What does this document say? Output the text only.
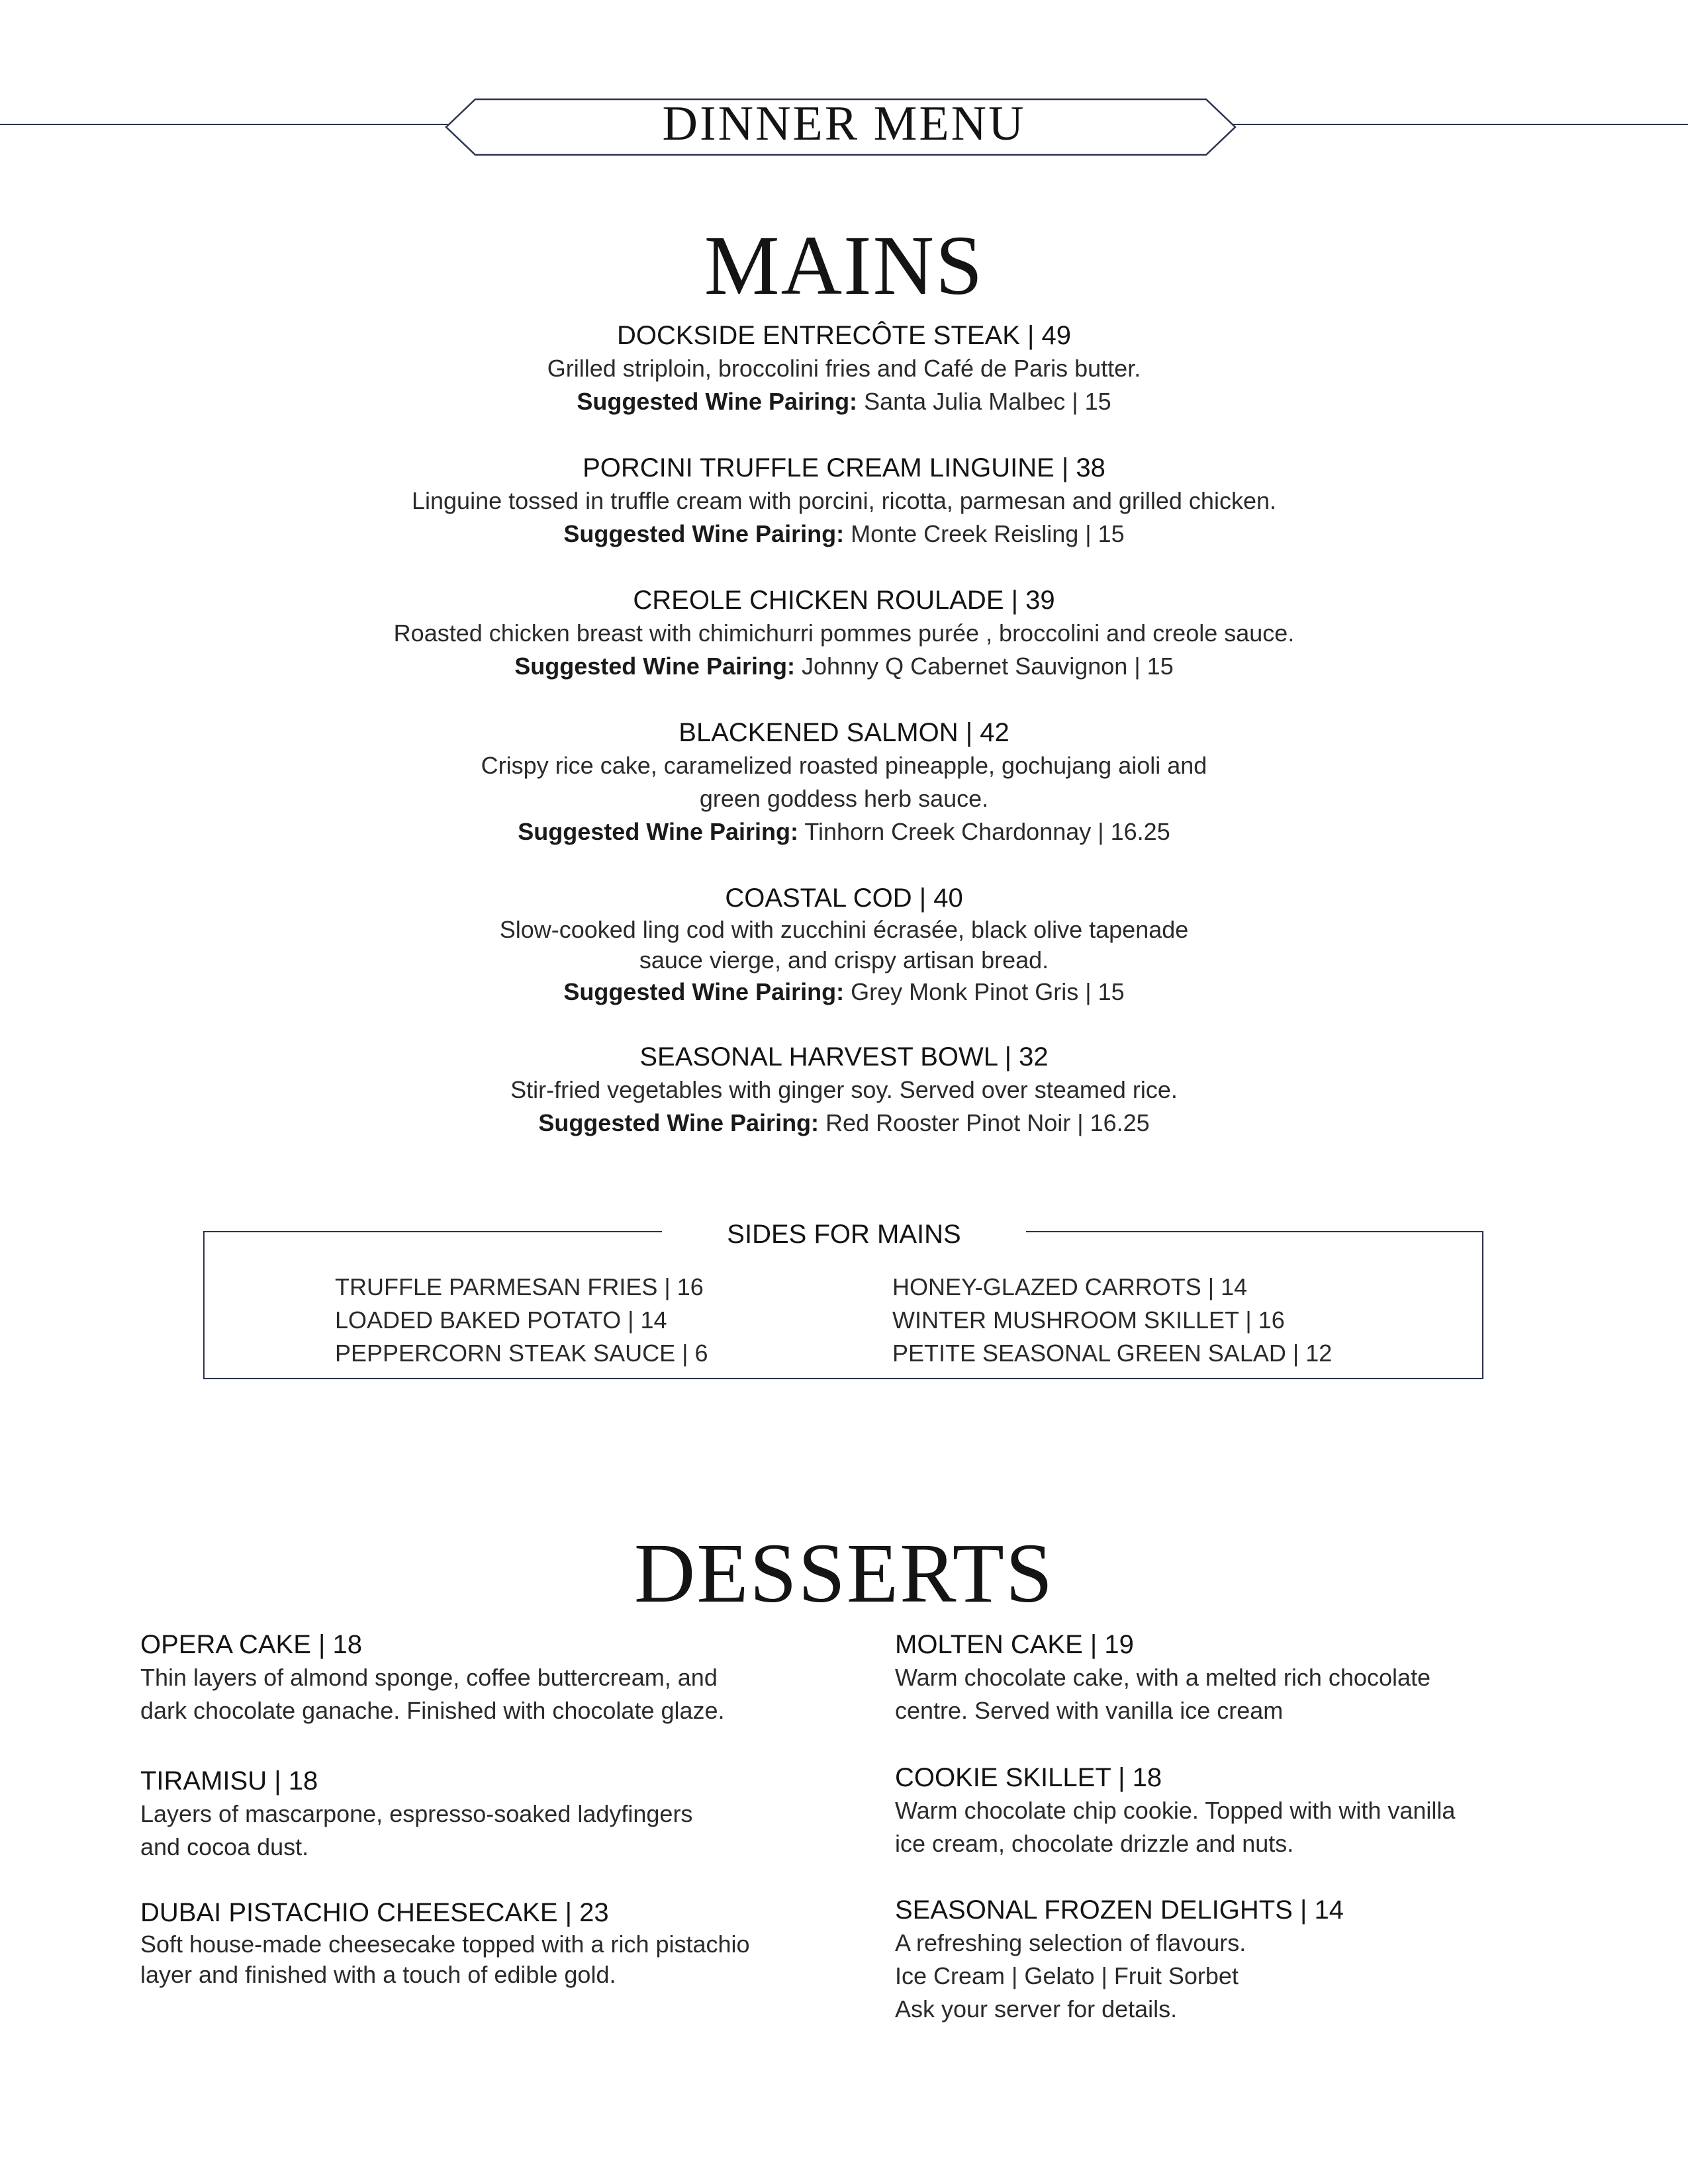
DINNER MENU
MAINS
DOCKSIDE ENTRECÔTE STEAK | 49
Grilled striploin, broccolini fries and Café de Paris butter.
Suggested Wine Pairing: Santa Julia Malbec | 15
PORCINI TRUFFLE CREAM LINGUINE | 38
Linguine tossed in truffle cream with porcini, ricotta, parmesan and grilled chicken.
Suggested Wine Pairing: Monte Creek Reisling | 15
CREOLE CHICKEN ROULADE | 39
Roasted chicken breast with chimichurri pommes purée , broccolini and creole sauce.
Suggested Wine Pairing: Johnny Q Cabernet Sauvignon | 15
BLACKENED SALMON | 42
Crispy rice cake, caramelized roasted pineapple, gochujang aioli and
green goddess herb sauce.
Suggested Wine Pairing: Tinhorn Creek Chardonnay | 16.25
COASTAL COD | 40
Slow-cooked ling cod with zucchini écrasée, black olive tapenade
sauce vierge, and crispy artisan bread.
Suggested Wine Pairing: Grey Monk Pinot Gris | 15
SEASONAL HARVEST BOWL | 32
Stir-fried vegetables with ginger soy. Served over steamed rice.
Suggested Wine Pairing: Red Rooster Pinot Noir | 16.25
SIDES FOR MAINS
TRUFFLE PARMESAN FRIES | 16
LOADED BAKED POTATO | 14
PEPPERCORN STEAK SAUCE | 6
HONEY-GLAZED CARROTS | 14
WINTER MUSHROOM SKILLET | 16
PETITE SEASONAL GREEN SALAD | 12
DESSERTS
OPERA CAKE | 18
Thin layers of almond sponge, coffee buttercream, and
dark chocolate ganache. Finished with chocolate glaze.
TIRAMISU | 18
Layers of mascarpone, espresso-soaked ladyfingers
and cocoa dust.
DUBAI PISTACHIO CHEESECAKE | 23
Soft house-made cheesecake topped with a rich pistachio
layer and finished with a touch of edible gold.
MOLTEN CAKE | 19
Warm chocolate cake, with a melted rich chocolate
centre. Served with vanilla ice cream
COOKIE SKILLET | 18
Warm chocolate chip cookie. Topped with with vanilla
ice cream, chocolate drizzle and nuts.
SEASONAL FROZEN DELIGHTS | 14
A refreshing selection of flavours.
Ice Cream | Gelato | Fruit Sorbet
Ask your server for details.
